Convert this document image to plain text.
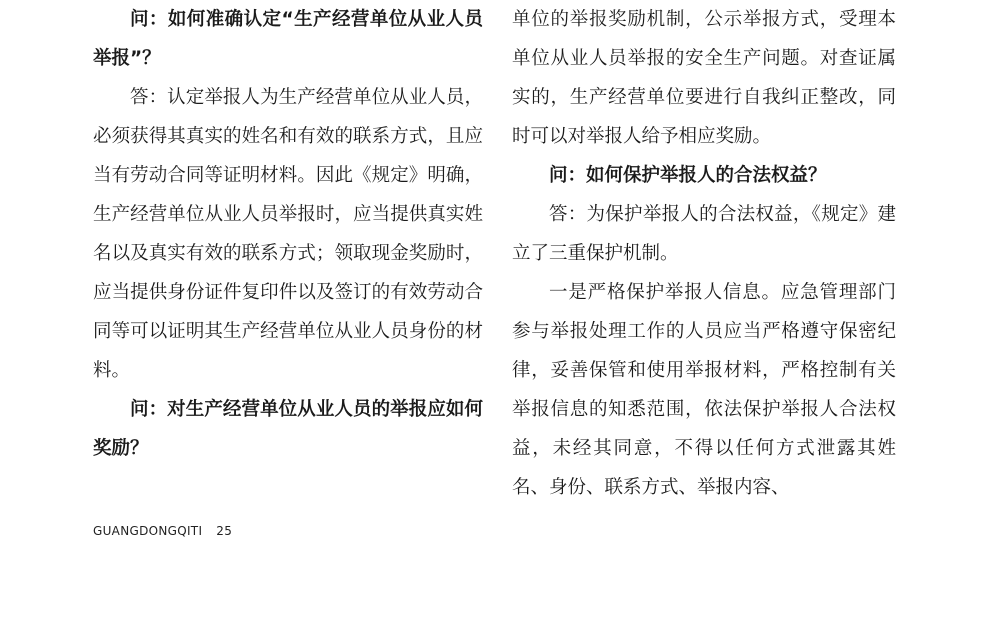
问：如何准确认定“生产经营单位从业人员举报”？

答：认定举报人为生产经营单位从业人员，必须获得其真实的姓名和有效的联系方式，且应当有劳动合同等证明材料。因此《规定》明确，生产经营单位从业人员举报时，应当提供真实姓名以及真实有效的联系方式；领取现金奖励时，应当提供身份证件复印件以及签订的有效劳动合同等可以证明其生产经营单位从业人员身份的材料。

问：对生产经营单位从业人员的举报应如何奖励？

单位的举报奖励机制，公示举报方式，受理本单位从业人员举报的安全生产问题。对查证属实的，生产经营单位要进行自我纠正整改，同时可以对举报人给予相应奖励。

问：如何保护举报人的合法权益？

答：为保护举报人的合法权益，《规定》建立了三重保护机制。

一是严格保护举报人信息。应急管理部门参与举报处理工作的人员应当严格遵守保密纪律，妥善保管和使用举报材料，严格控制有关举报信息的知悉范围，依法保护举报人合法权益，未经其同意，不得以任何方式泄露其姓名、身份、联系方式、举报内容、

GUANGDONGQITI 25
